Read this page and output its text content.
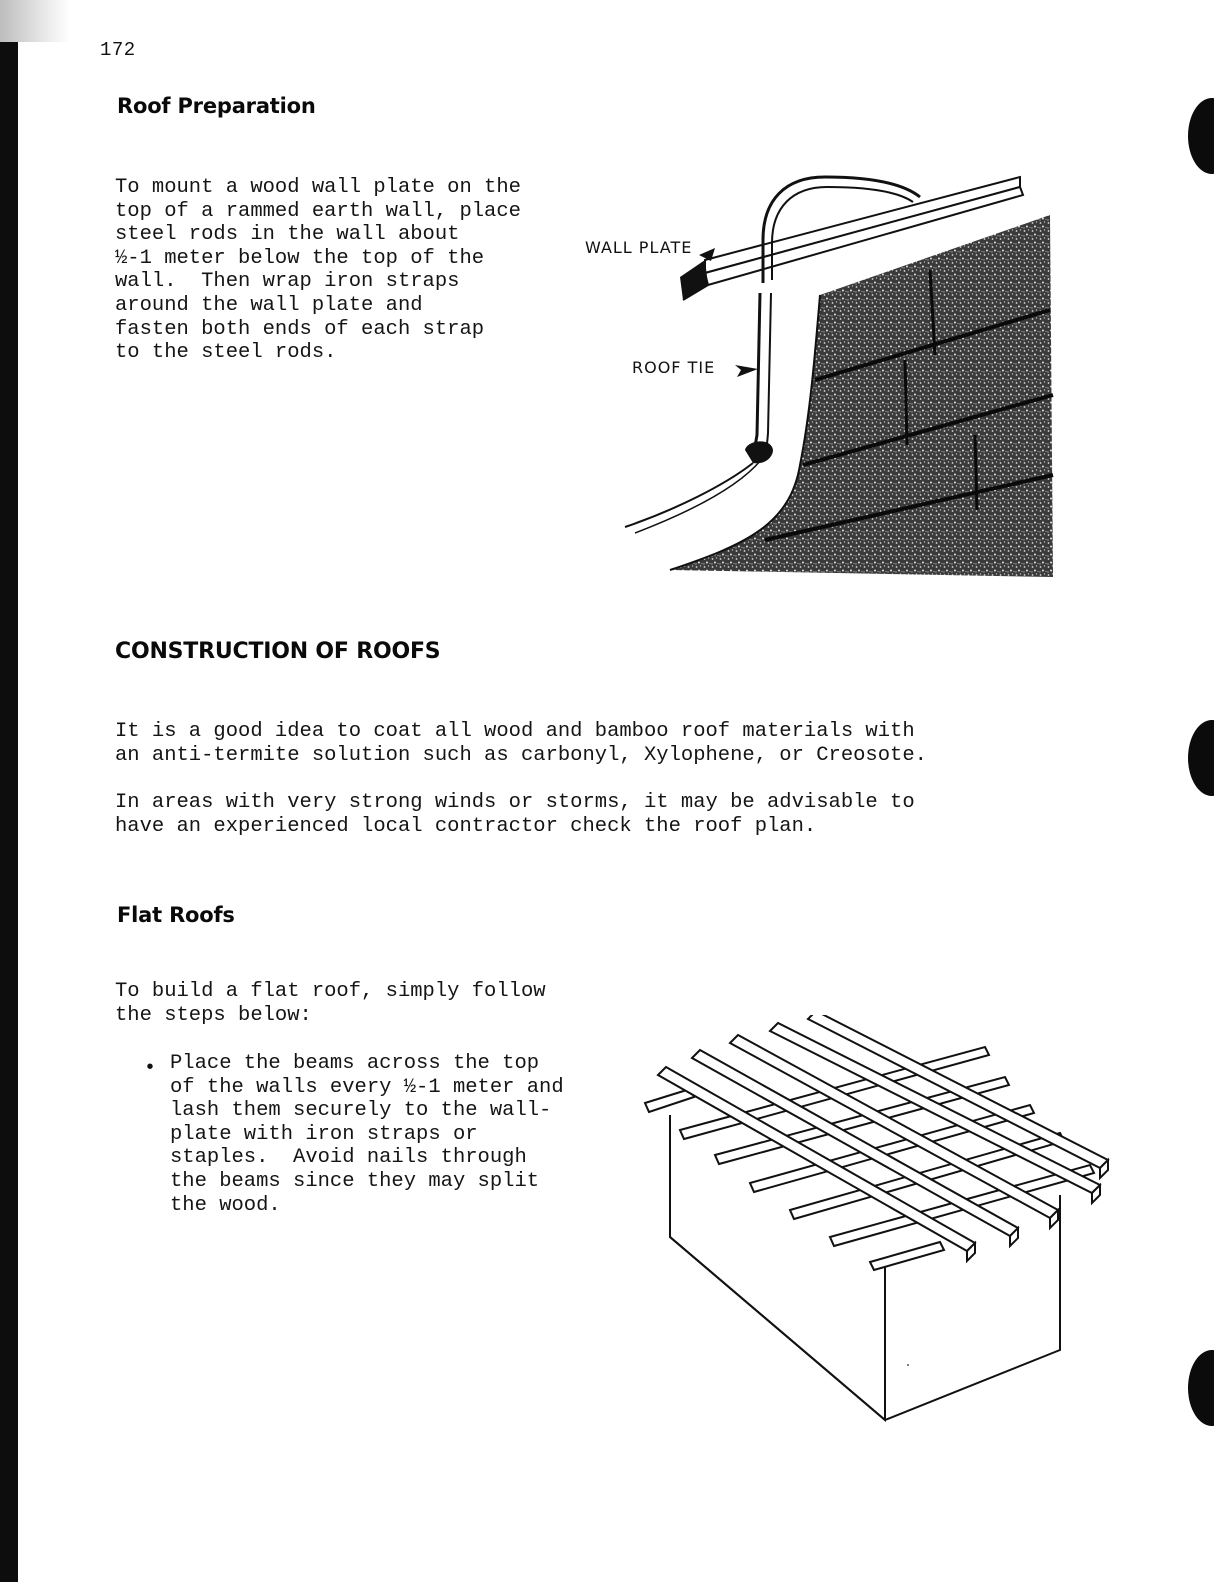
172
Roof Preparation

To mount a wood wall plate on the
top of a rammed earth wall, place
steel rods in the wall about
½-1 meter below the top of the
wall.  Then wrap iron straps
around the wall plate and
fasten both ends of each strap
to the steel rods.

WALL PLATE
ROOF TIE
CONSTRUCTION OF ROOFS

It is a good idea to coat all wood and bamboo roof materials with
an anti-termite solution such as carbonyl, Xylophene, or Creosote.

In areas with very strong winds or storms, it may be advisable to
have an experienced local contractor check the roof plan.

Flat Roofs

To build a flat roof, simply follow
the steps below:

• Place the beams across the top
of the walls every ½-1 meter and
lash them securely to the wall-
plate with iron straps or
staples.  Avoid nails through
the beams since they may split
the wood.
